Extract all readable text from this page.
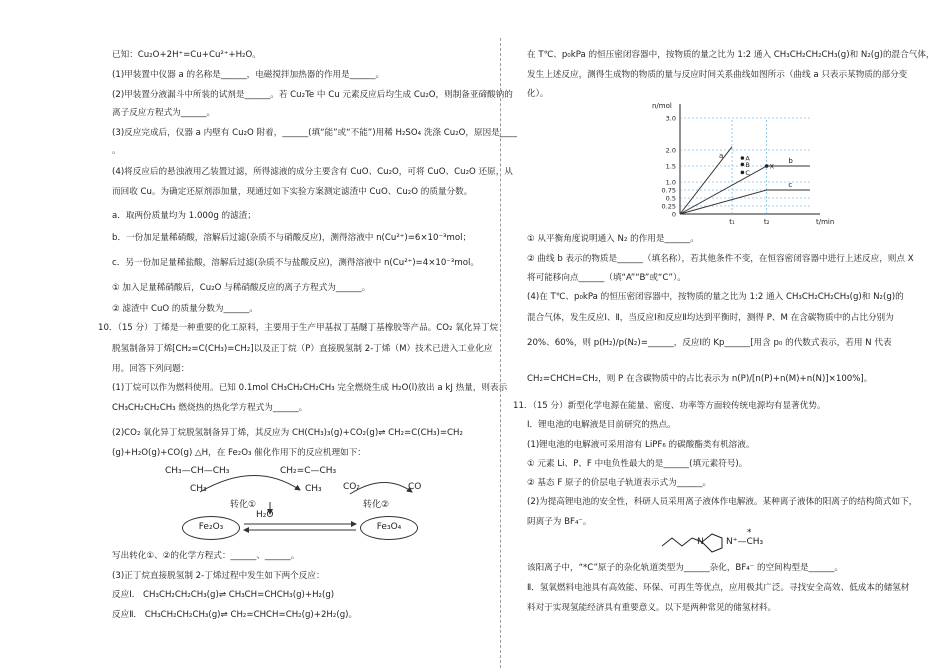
已知：Cu₂O+2H⁺=Cu+Cu²⁺+H₂O。
(1)甲装置中仪器 a 的名称是______，电磁搅拌加热器的作用是______。
(2)甲装置分液漏斗中所装的试剂是______。若 Cu₂Te 中 Cu 元素反应后均生成 Cu₂O，则制备亚碲酸钠的
离子反应方程式为______。
(3)反应完成后，仪器 a 内壁有 Cu₂O 附着，______(填“能”或“不能”)用稀 H₂SO₄ 洗涤 Cu₂O，原因是____
。
(4)将反应后的悬浊液用乙装置过滤，所得滤液的成分主要含有 CuO、Cu₂O，可将 CuO、Cu₂O 还原，从
而回收 Cu。为确定还原剂添加量，现通过如下实验方案测定滤渣中 CuO、Cu₂O 的质量分数。
a．取两份质量均为 1.000g 的滤渣；
b．一份加足量稀硝酸，溶解后过滤(杂质不与硝酸反应)，测得溶液中 n(Cu²⁺)=6×10⁻³mol；
c．另一份加足量稀盐酸，溶解后过滤(杂质不与盐酸反应)，测得溶液中 n(Cu²⁺)=4×10⁻³mol。
① 加入足量稀硝酸后，Cu₂O 与稀硝酸反应的离子方程式为______。
② 滤渣中 CuO 的质量分数为______。
10．（15 分）丁烯是一种重要的化工原料，主要用于生产甲基叔丁基醚丁基橡胶等产品。CO₂ 氧化异丁烷
脱氢制备异丁烯[CH₂=C(CH₃)=CH₂]以及正丁烷（P）直接脱氢制 2-丁烯（M）技术已进入工业化应
用。回答下列问题：
(1)丁烷可以作为燃料使用。已知 0.1mol CH₃CH₂CH₂CH₃ 完全燃烧生成 H₂O(l)放出 a kJ 热量，则表示
CH₃CH₂CH₂CH₃ 燃烧热的热化学方程式为______。
(2)CO₂ 氧化异丁烷脱氢制备异丁烯，其反应为 CH(CH₃)₃(g)+CO₂(g)⇌ CH₂=C(CH₃)=CH₂
(g)+H₂O(g)+CO(g) △H，在 Fe₂O₃ 催化作用下的反应机理如下：
CH₃—CH—CH₃
CH₃
CH₂=C—CH₃
CH₃
转化①
H₂O
CO₂	CO
转化②
Fe₂O₃	Fe₃O₄
写出转化①、②的化学方程式：______、______。
(3)正丁烷直接脱氢制 2-丁烯过程中发生如下两个反应：
反应Ⅰ． CH₃CH₂CH₂CH₃(g)⇌ CH₃CH=CHCH₃(g)+H₂(g)
反应Ⅱ． CH₃CH₂CH₂CH₃(g)⇌ CH₂=CHCH=CH₂(g)+2H₂(g)。
在 T℃、p₀kPa 的恒压密闭容器中，按物质的量之比为 1:2 通入 CH₃CH₂CH₂CH₃(g)和 N₂(g)的混合气体，
发生上述反应，测得生成物的物质的量与反应时间关系曲线如图所示（曲线 a 只表示某物质的部分变
化）。
n/mol
t/min
0
0.25
0.5
0.75
1.0
1.5
2.0
3.0
t₁	t₂
a
b
c
A
B
C
X
① 从平衡角度说明通入 N₂ 的作用是______。
② 曲线 b 表示的物质是______（填名称），若其他条件不变，在恒容密闭容器中进行上述反应，则点 X
将可能移向点______（填“A”“B”或“C”）。
(4)在 T℃、p₀kPa 的恒压密闭容器中，按物质的量之比为 1:2 通入 CH₃CH₂CH₂CH₃(g)和 N₂(g)的
混合气体，发生反应Ⅰ、Ⅱ，当反应Ⅰ和反应Ⅱ均达到平衡时，测得 P、M 在含碳物质中的占比分别为
20%、60%，则 p(H₂)/p(N₂)=______，反应Ⅰ的 Kp______[用含 p₀ 的代数式表示，若用 N 代表
CH₂=CHCH=CH₂，则 P 在含碳物质中的占比表示为 n(P)/[n(P)+n(M)+n(N)]×100%]。
11．（15 分）新型化学电源在能量、密度、功率等方面较传统电源均有显著优势。
Ⅰ．锂电池的电解液是目前研究的热点。
(1)锂电池的电解液可采用溶有 LiPF₆ 的碳酸酯类有机溶液。
① 元素 Li、P、F 中电负性最大的是______(填元素符号)。
② 基态 F 原子的价层电子轨道表示式为______。
(2)为提高锂电池的安全性，科研人员采用离子液体作电解液。某种离子液体的阳离子的结构简式如下，
阴离子为 BF₄⁻。
N N⁺—CH₃
*
该阳离子中，“*C”原子的杂化轨道类型为______杂化，BF₄⁻ 的空间构型是______。
Ⅱ．氢氧燃料电池具有高效能、环保、可再生等优点，应用极其广泛。寻找安全高效、低成本的储氢材
料对于实现氢能经济具有重要意义。以下是两种常见的储氢材料。
